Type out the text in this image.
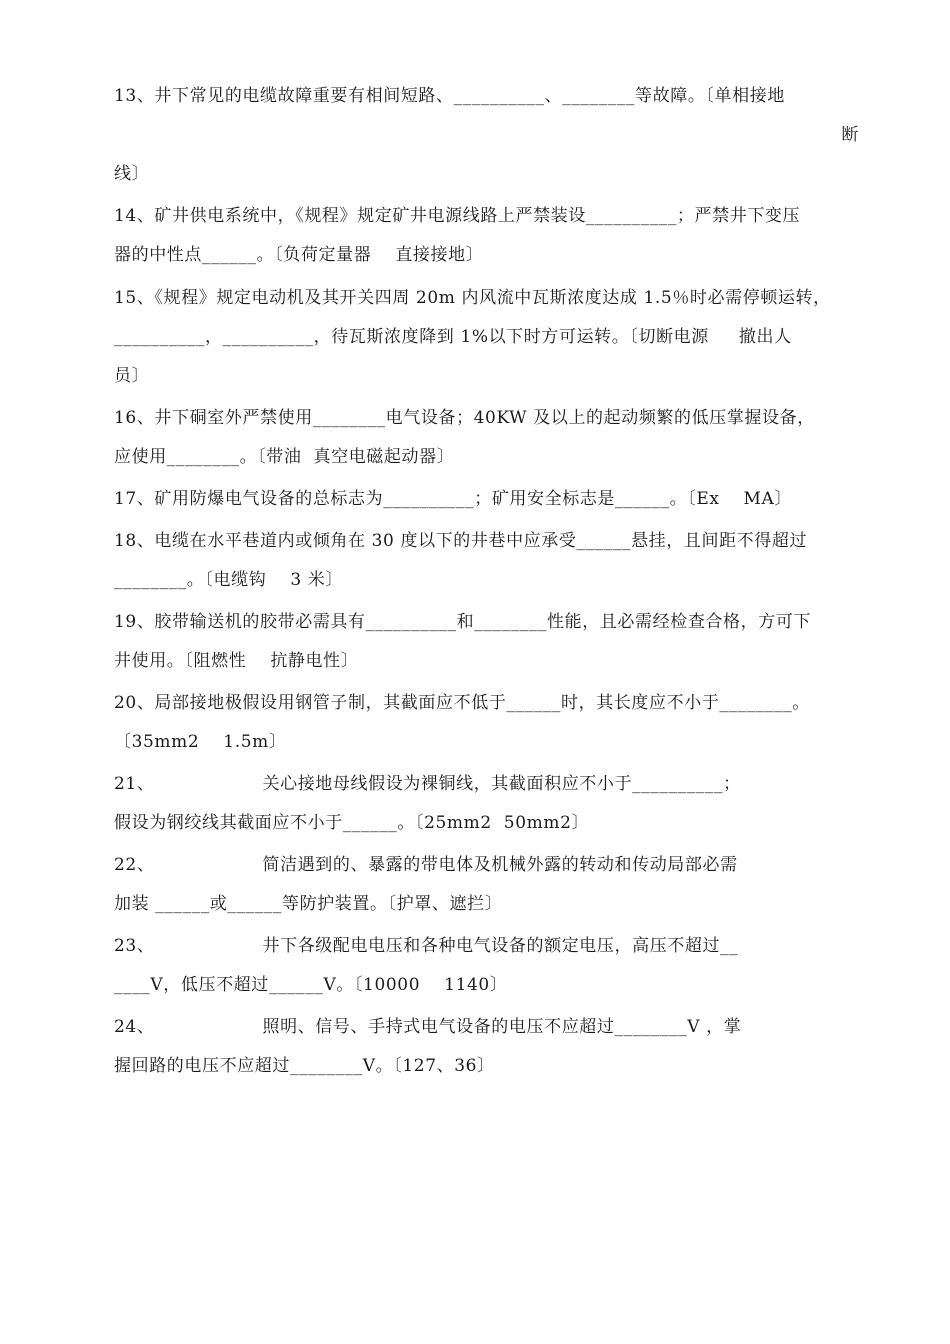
13、井下常见的电缆故障重要有相间短路、__________、________等故障。〔单相接地
断
线〕
14、矿井供电系统中，《规程》规定矿井电源线路上严禁装设__________；严禁井下变压
器的中性点______。〔负荷定量器    直接接地〕
15、《规程》规定电动机及其开关四周 20m 内风流中瓦斯浓度达成 1.5％时必需停顿运转，
__________，__________，待瓦斯浓度降到 1%以下时方可运转。〔切断电源     撤出人
员〕
16、井下硐室外严禁使用________电气设备；40KW 及以上的起动频繁的低压掌握设备，
应使用________。〔带油  真空电磁起动器〕
17、矿用防爆电气设备的总标志为__________；矿用安全标志是______。〔Ex    MA〕
18、电缆在水平巷道内或倾角在 30 度以下的井巷中应承受______悬挂，且间距不得超过
________。〔电缆钩    3 米〕
19、胶带输送机的胶带必需具有__________和________性能，且必需经检查合格，方可下
井使用。〔阻燃性    抗静电性〕
20、局部接地极假设用钢管子制，其截面应不低于______时，其长度应不小于________。
〔35mm2    1.5m〕
21、                  关心接地母线假设为裸铜线，其截面积应不小于__________；
假设为钢绞线其截面应不小于______。〔25mm2  50mm2〕
22、                  简洁遇到的、暴露的带电体及机械外露的转动和传动局部必需
加装 ______或______等防护装置。〔护罩、遮拦〕
23、                  井下各级配电电压和各种电气设备的额定电压，高压不超过__
____V，低压不超过______V。〔10000    1140〕
24、                  照明、信号、手持式电气设备的电压不应超过________V ，掌
握回路的电压不应超过________V。〔127、36〕
